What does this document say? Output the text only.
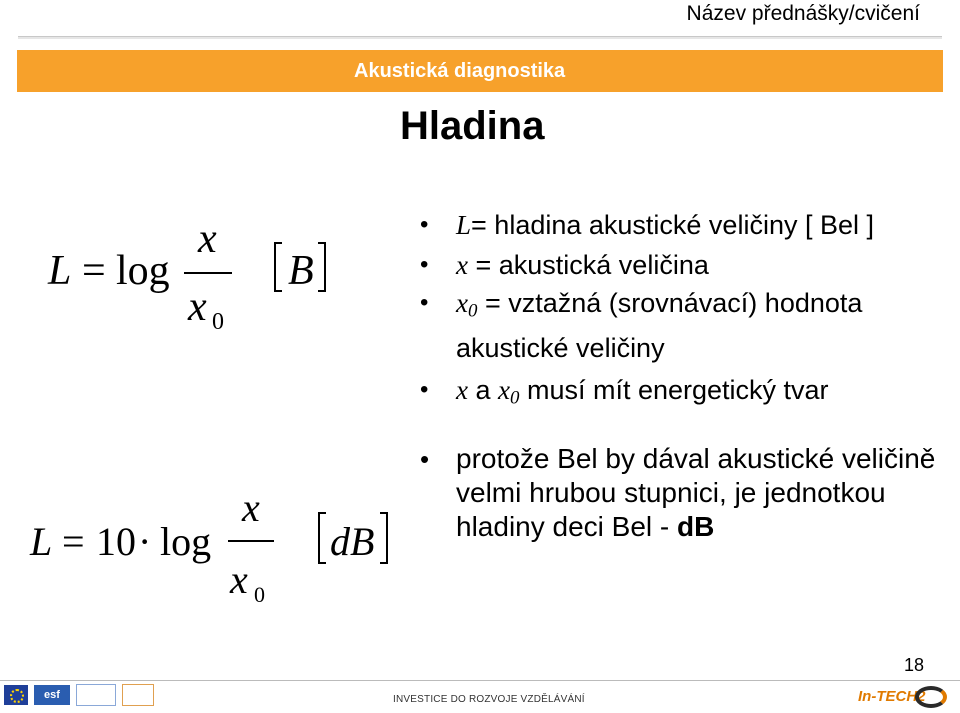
Název přednášky/cvičení
Akustická diagnostika
Hladina
L = log
x
x 0
B
L = 10 · log
x
x 0
dB
• L= hladina akustické veličiny [ Bel ]
• x = akustická veličina
• $x_0$ = vztažná (srovnávací) hodnota akustické veličiny
• x a $x_0$ musí mít energetický tvar
• protože Bel by dával akustické veličině velmi hrubou stupnici, je jednotkou hladiny deci Bel - dB
18
esf	INVESTICE DO ROZVOJE VZDĚLÁVÁNÍ	In-TECH2
